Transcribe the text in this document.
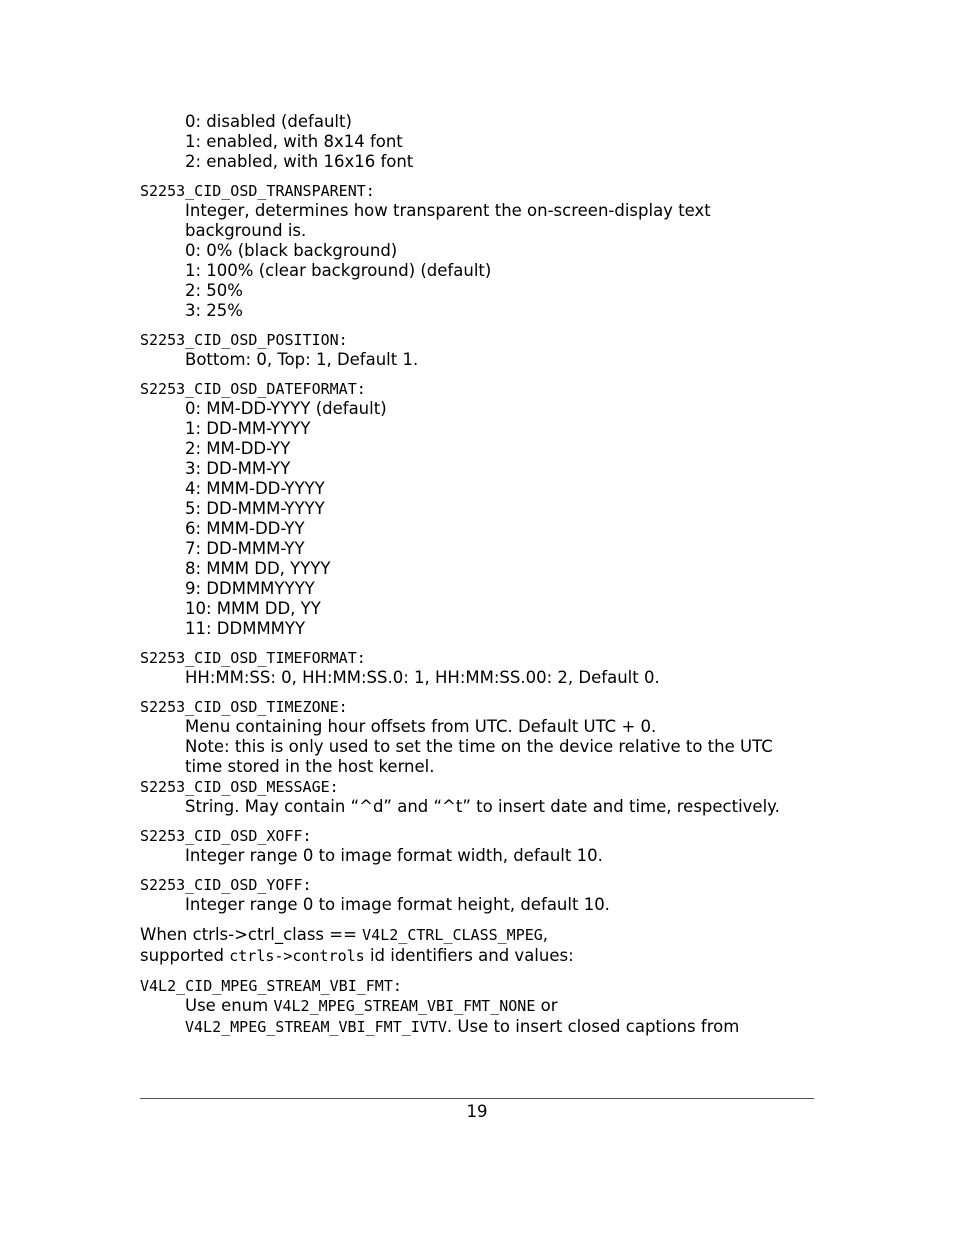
0: disabled (default)
1: enabled, with 8x14 font
2: enabled, with 16x16 font
S2253_CID_OSD_TRANSPARENT:
Integer, determines how transparent the on-screen-display text
background is.
0: 0% (black background)
1: 100% (clear background) (default)
2: 50%
3: 25%
S2253_CID_OSD_POSITION:
Bottom: 0, Top: 1, Default 1.
S2253_CID_OSD_DATEFORMAT:
0: MM-DD-YYYY (default)
1: DD-MM-YYYY
2: MM-DD-YY
3: DD-MM-YY
4: MMM-DD-YYYY
5: DD-MMM-YYYY
6: MMM-DD-YY
7: DD-MMM-YY
8: MMM DD, YYYY
9: DDMMMYYYY
10: MMM DD, YY
11: DDMMMYY
S2253_CID_OSD_TIMEFORMAT:
HH:MM:SS: 0, HH:MM:SS.0: 1, HH:MM:SS.00: 2, Default 0.
S2253_CID_OSD_TIMEZONE:
Menu containing hour offsets from UTC. Default UTC + 0.
Note: this is only used to set the time on the device relative to the UTC
time stored in the host kernel.
S2253_CID_OSD_MESSAGE:
String. May contain “^d” and “^t” to insert date and time, respectively.
S2253_CID_OSD_XOFF:
Integer range 0 to image format width, default 10.
S2253_CID_OSD_YOFF:
Integer range 0 to image format height, default 10.
When ctrls->ctrl_class == V4L2_CTRL_CLASS_MPEG,
supported ctrls->controls id identifiers and values:
V4L2_CID_MPEG_STREAM_VBI_FMT:
Use enum V4L2_MPEG_STREAM_VBI_FMT_NONE or
V4L2_MPEG_STREAM_VBI_FMT_IVTV. Use to insert closed captions from
19
